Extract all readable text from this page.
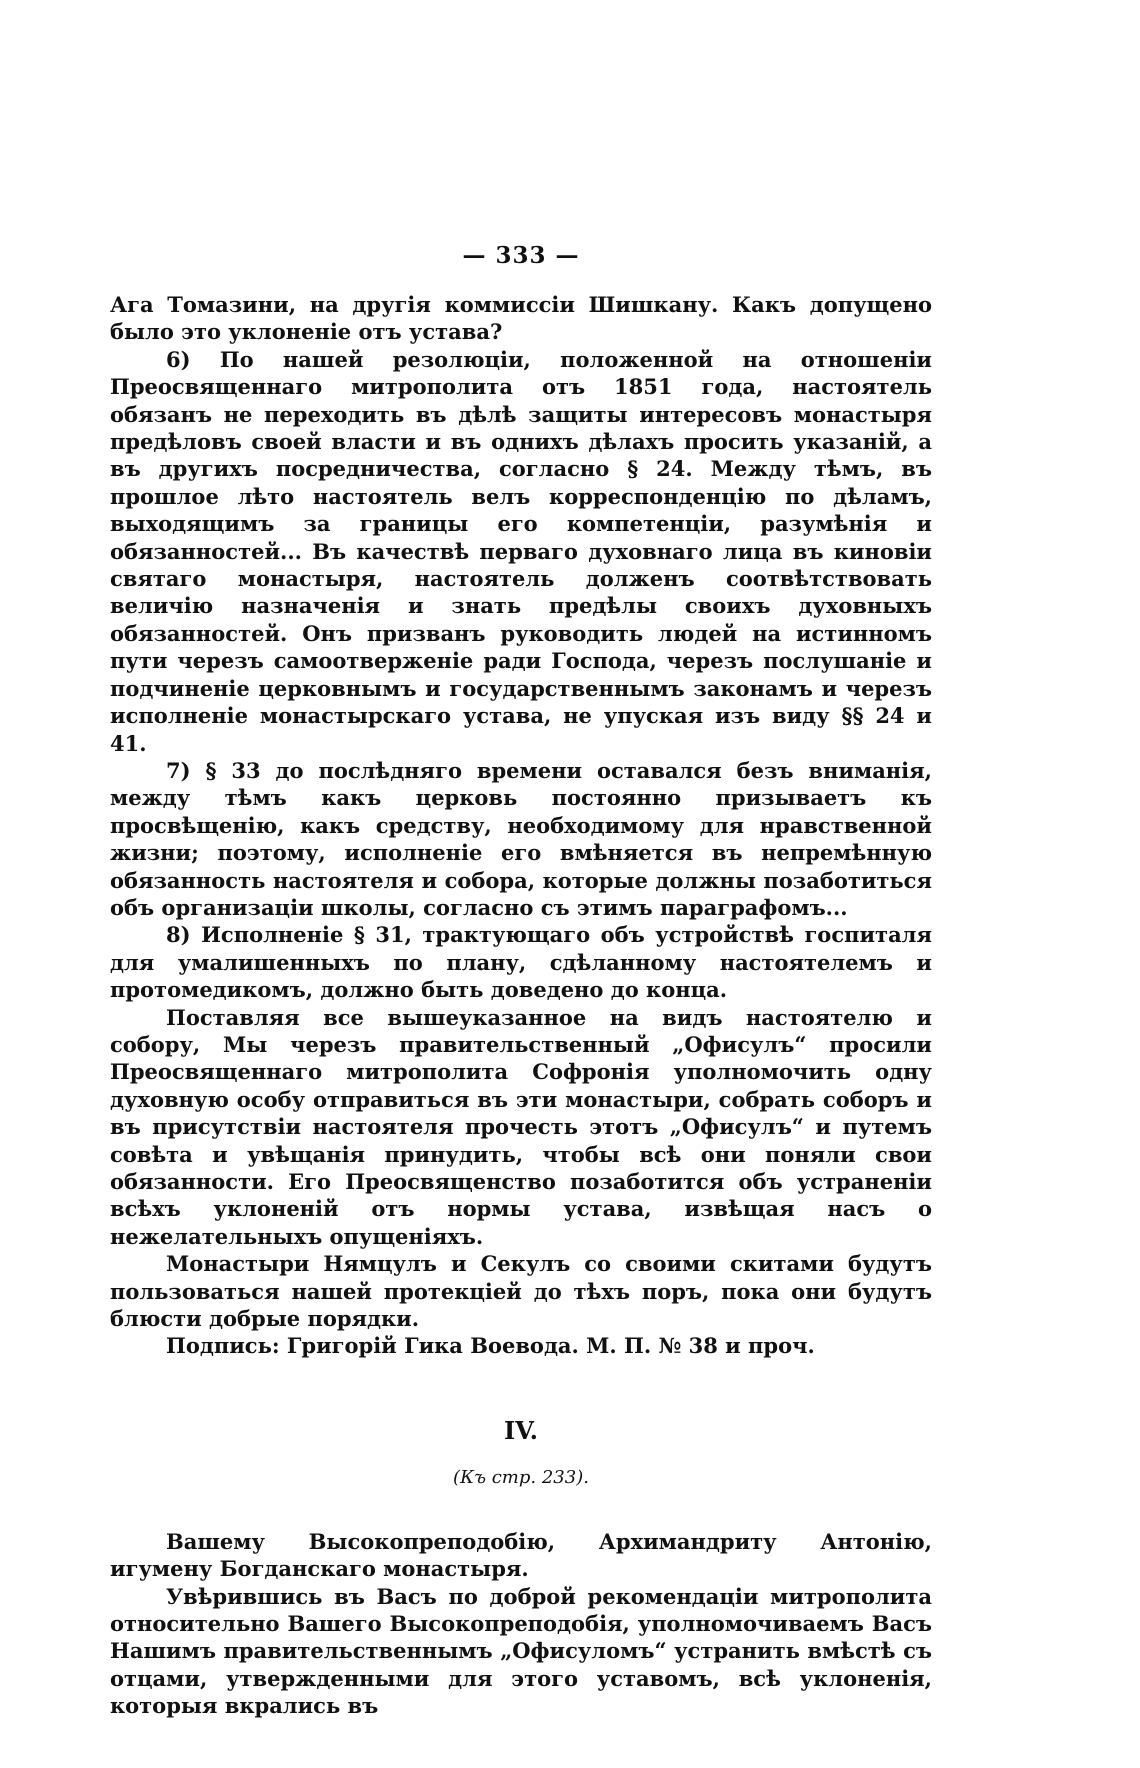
— 333 —

Ага Томазини, на другія коммиссіи Шишкану. Какъ допущено было это уклоненіе отъ устава?

6) По нашей резолюціи, положенной на отношеніи Преосвященнаго митрополита отъ 1851 года, настоятель обязанъ не переходить въ дѣлѣ защиты интересовъ монастыря предѣловъ своей власти и въ однихъ дѣлахъ просить указаній, а въ другихъ посредничества, согласно § 24. Между тѣмъ, въ прошлое лѣто настоятель велъ корреспонденцію по дѣламъ, выходящимъ за границы его компетенціи, разумѣнія и обязанностей... Въ качествѣ перваго духовнаго лица въ киновіи святаго монастыря, настоятель долженъ соотвѣтствовать величію назначенія и знать предѣлы своихъ духовныхъ обязанностей. Онъ призванъ руководить людей на истинномъ пути черезъ самоотверженіе ради Господа, черезъ послушаніе и подчиненіе церковнымъ и государственнымъ законамъ и черезъ исполненіе монастырскаго устава, не упуская изъ виду §§ 24 и 41.

7) § 33 до послѣдняго времени оставался безъ вниманія, между тѣмъ какъ церковь постоянно призываетъ къ просвѣщенію, какъ средству, необходимому для нравственной жизни; поэтому, исполненіе его вмѣняется въ непремѣнную обязанность настоятеля и собора, которые должны позаботиться объ организаціи школы, согласно съ этимъ параграфомъ...

8) Исполненіе § 31, трактующаго объ устройствѣ госпиталя для умалишенныхъ по плану, сдѣланному настоятелемъ и протомедикомъ, должно быть доведено до конца.

Поставляя все вышеуказанное на видъ настоятелю и собору, Мы черезъ правительственный „Офисулъ“ просили Преосвященнаго митрополита Софронія уполномочить одну духовную особу отправиться въ эти монастыри, собрать соборъ и въ присутствіи настоятеля прочесть этотъ „Офисулъ“ и путемъ совѣта и увѣщанія принудить, чтобы всѣ они поняли свои обязанности. Его Преосвященство позаботится объ устраненіи всѣхъ уклоненій отъ нормы устава, извѣщая насъ о нежелательныхъ опущеніяхъ.

Монастыри Нямцулъ и Секулъ со своими скитами будутъ пользоваться нашей протекціей до тѣхъ поръ, пока они будутъ блюсти добрые порядки.

Подпись: Григорій Гика Воевода. М. П. № 38 и проч.

IV.
(Къ стр. 233).

Вашему Высокопреподобію, Архимандриту Антонію, игумену Богданскаго монастыря.

Увѣрившись въ Васъ по доброй рекомендаціи митрополита относительно Вашего Высокопреподобія, уполномочиваемъ Васъ Нашимъ правительственнымъ „Офисуломъ“ устранить вмѣстѣ съ отцами, утвержденными для этого уставомъ, всѣ уклоненія, которыя вкрались въ
